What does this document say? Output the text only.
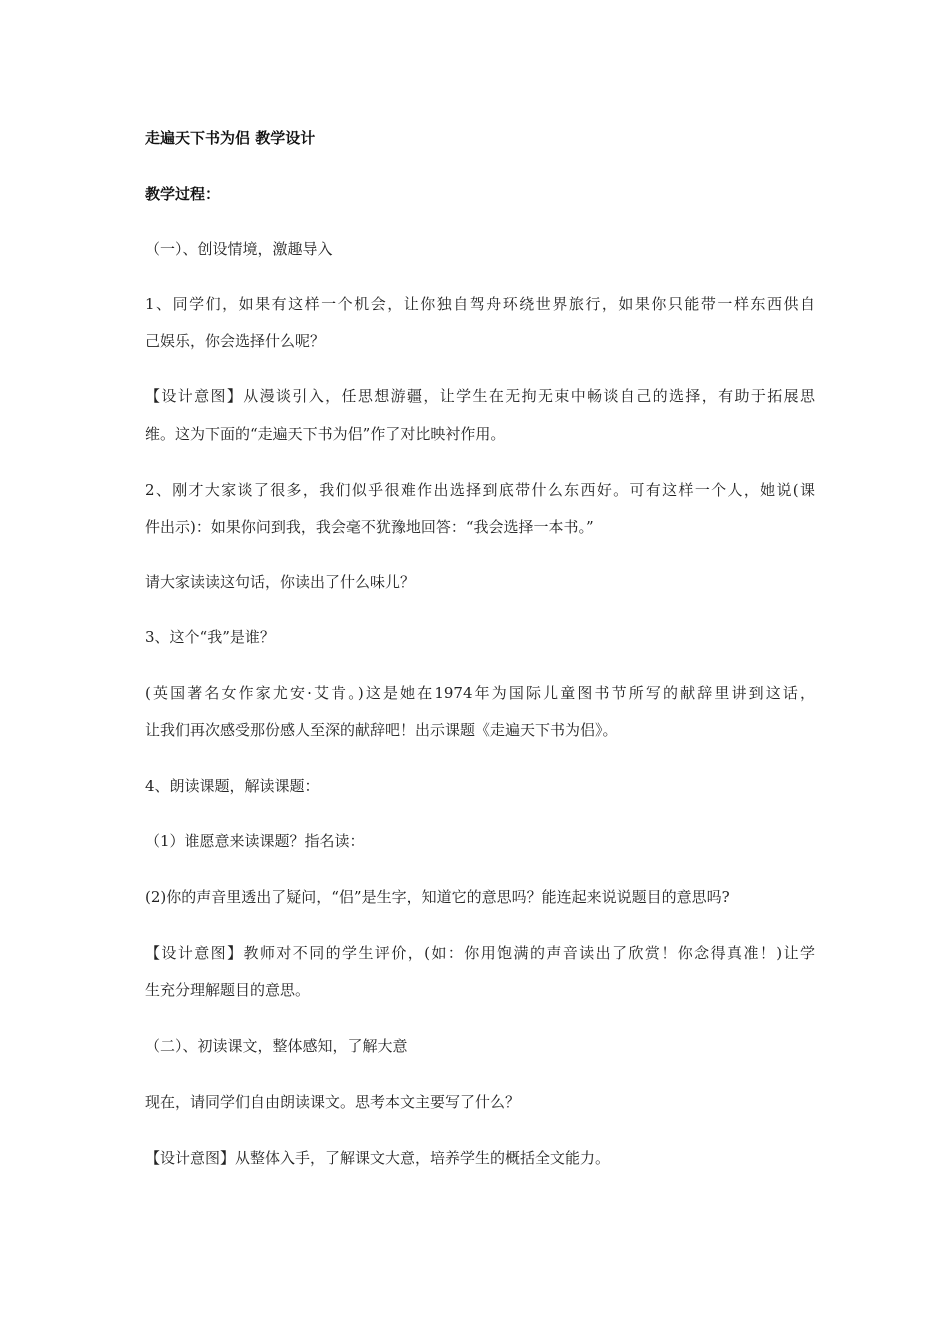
走遍天下书为侣 教学设计
教学过程：
（一）、创设情境，激趣导入
1、同学们，如果有这样一个机会，让你独自驾舟环绕世界旅行，如果你只能带一样东西供自
己娱乐，你会选择什么呢？
【设计意图】从漫谈引入，任思想游疆，让学生在无拘无束中畅谈自己的选择，有助于拓展思
维。这为下面的“走遍天下书为侣”作了对比映衬作用。
2、刚才大家谈了很多，我们似乎很难作出选择到底带什么东西好。可有这样一个人，她说(课
件出示)：如果你问到我，我会毫不犹豫地回答：“我会选择一本书。”
请大家读读这句话，你读出了什么味儿？
3、这个“我”是谁？
(英国著名女作家尤安·艾肯。)这是她在1974年为国际儿童图书节所写的献辞里讲到这话，
让我们再次感受那份感人至深的献辞吧！出示课题《走遍天下书为侣》。
4、朗读课题，解读课题：
（1）谁愿意来读课题？指名读：
(2)你的声音里透出了疑问，“侣”是生字，知道它的意思吗？能连起来说说题目的意思吗?
【设计意图】教师对不同的学生评价，(如：你用饱满的声音读出了欣赏！你念得真准！)让学
生充分理解题目的意思。
（二）、初读课文，整体感知，了解大意
现在，请同学们自由朗读课文。思考本文主要写了什么？
【设计意图】从整体入手，了解课文大意，培养学生的概括全文能力。
